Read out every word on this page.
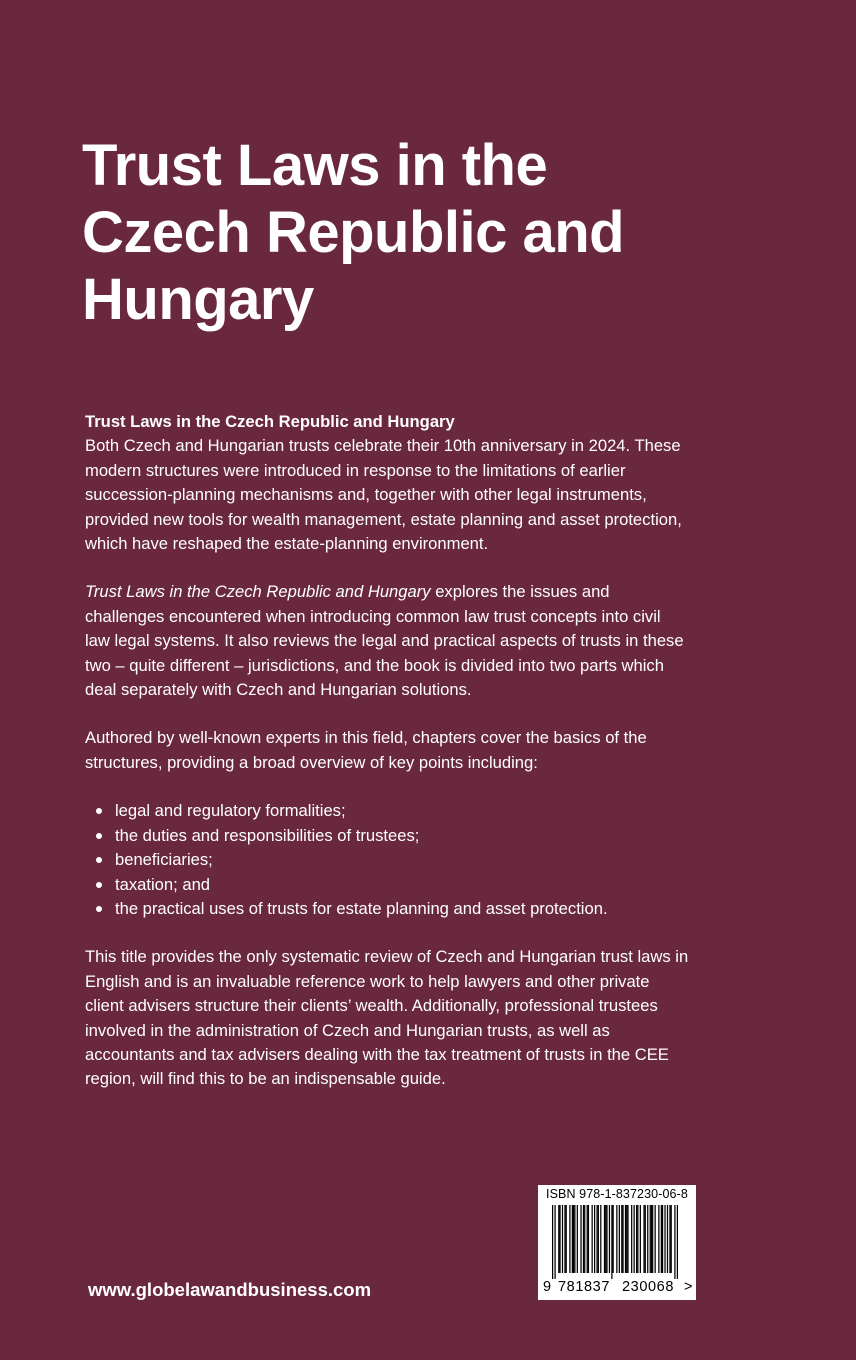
Trust Laws in the
Czech Republic and
Hungary

Trust Laws in the Czech Republic and Hungary
Both Czech and Hungarian trusts celebrate their 10th anniversary in 2024. These modern structures were introduced in response to the limitations of earlier succession-planning mechanisms and, together with other legal instruments, provided new tools for wealth management, estate planning and asset protection, which have reshaped the estate-planning environment.

Trust Laws in the Czech Republic and Hungary explores the issues and challenges encountered when introducing common law trust concepts into civil law legal systems. It also reviews the legal and practical aspects of trusts in these two – quite different – jurisdictions, and the book is divided into two parts which deal separately with Czech and Hungarian solutions.

Authored by well-known experts in this field, chapters cover the basics of the structures, providing a broad overview of key points including:

legal and regulatory formalities;
the duties and responsibilities of trustees;
beneficiaries;
taxation; and
the practical uses of trusts for estate planning and asset protection.

This title provides the only systematic review of Czech and Hungarian trust laws in English and is an invaluable reference work to help lawyers and other private client advisers structure their clients’ wealth. Additionally, professional trustees involved in the administration of Czech and Hungarian trusts, as well as accountants and tax advisers dealing with the tax treatment of trusts in the CEE region, will find this to be an indispensable guide.

www.globelawandbusiness.com
ISBN 978-1-837230-06-8
9 781837 230068 >
